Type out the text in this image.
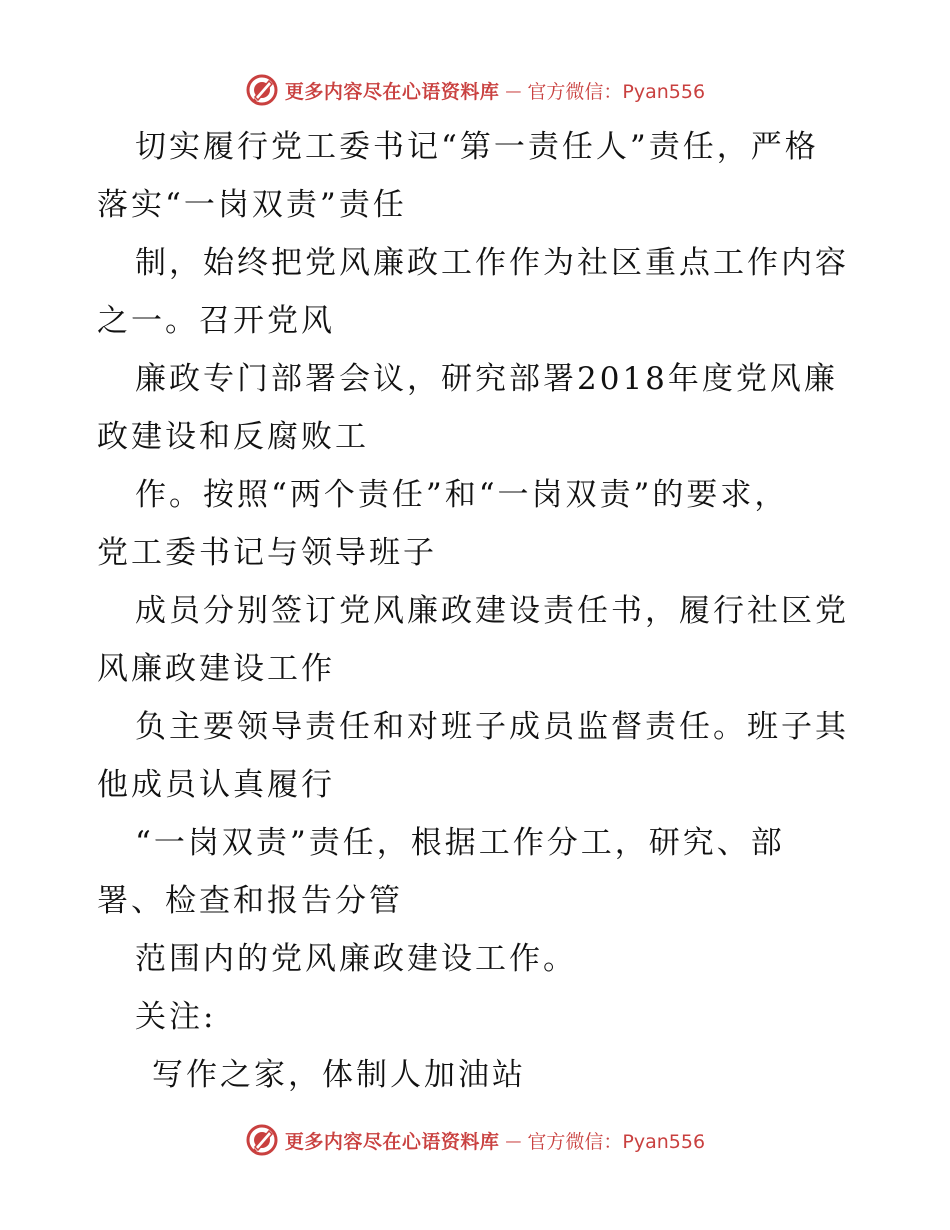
更多内容尽在心语资料库 — 官方微信：Pyan556
切实履行党工委书记“第一责任人”责任，严格
落实“一岗双责”责任
制，始终把党风廉政工作作为社区重点工作内容
之一。召开党风
廉政专门部署会议，研究部署2018年度党风廉
政建设和反腐败工
作。按照“两个责任”和“一岗双责”的要求，
党工委书记与领导班子
成员分别签订党风廉政建设责任书，履行社区党
风廉政建设工作
负主要领导责任和对班子成员监督责任。班子其
他成员认真履行
“一岗双责”责任，根据工作分工，研究、部
署、检查和报告分管
范围内的党风廉政建设工作。
关注:
写作之家，体制人加油站
更多内容尽在心语资料库 — 官方微信：Pyan556
